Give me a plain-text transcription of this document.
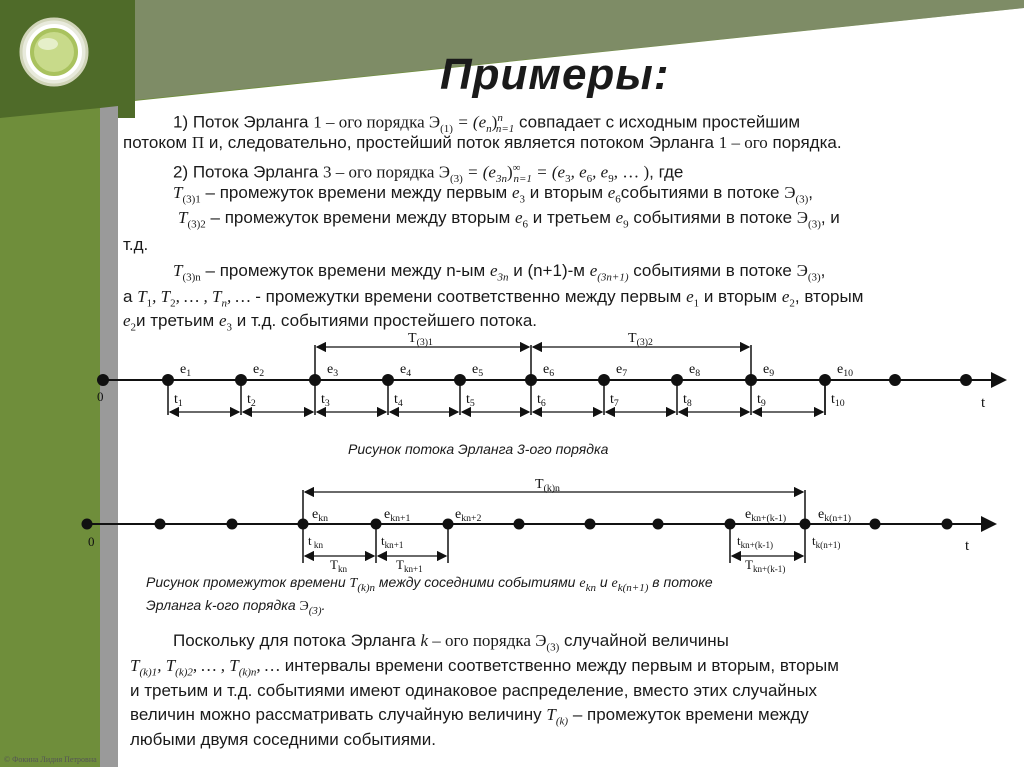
Примеры:
1) Поток Эрланга 1 – ого порядка $Э_{(1)} = (e_n)^n_{n=1}$ совпадает с исходным простейшим
потоком П и, следовательно, простейший поток является потоком Эрланга 1 – ого порядка.
2) Потока Эрланга 3 – ого порядка $Э_{(3)} = (e_{3n})^\infty_{n=1} = (e_3$, $e_6$, $e_9$, … ), где
$T_{(3)1}$ – промежуток времени между первым $e_3$ и вторым $e_6событиями$ в потоке $Э_{(3)}$,
$T_{(3)2}$ – промежуток времени между вторым $e_6$ и третьем $e_9$ событиями в потоке $Э_{(3)}$, и
т.д.
$T_{(3)n}$ – промежуток времени между n-ым $e_{3n}$ и (n+1)-м $e_{(3n+1)}$ событиями в потоке $Э_{(3)}$,
а $T_1$, $T_2$, … , $T_n$, … - промежутки времени соответственно между первым $e_1$ и вторым $e_2$, вторым
$e_2и$ третьим $e_3$ и т.д. событиями простейшего потока.
0	t
$e_1$	$e_2$	$e_3$	$e_4$	$e_5$	$e_6$	$e_7$	$e_8$	$e_9$	$e_{10}$
$t_1$	$t_2$	$t_3$	$t_4$	$t_5$	$t_6$	$t_7$	$t_8$	$t_9$	$t_{10}$
$T_{(3)1}$	$T_{(3)2}$
Рисунок потока Эрланга 3-ого порядка
0	t
$e_{kn}$	$e_{kn+1}$	$e_{kn+2}$	$e_{kn+(k-1)}$ $e_{k(n+1)}$
$T_{(k)n}$
t $_{kn}$	$t_{kn+1}$	$t_{kn+(k-1)}$	$t_{k(n+1)}$
$T_{kn}$	$T_{kn+1}$	$T_{kn+(k-1)}$
Рисунок промежуток времени $T_{(k)n}$ между соседними событиями $e_{kn}$ и $e_{k(n+1)}$ в потоке
Эрланга k-ого порядка $Э_{(3)}$.
Поскольку для потока Эрланга k – ого порядка $Э_{(3)}$ случайной величины
$T_{(k)1}$, $T_{(k)2}$, … , $T_{(k)n}$, … интервалы времени соответственно между первым и вторым, вторым
и третьим и т.д. событиями имеют одинаковое распределение, вместо этих случайных
величин можно рассматривать случайную величину $T_{(k)}$ – промежуток времени между
любыми двумя соседними событиями.
© Фокина Лидия Петровна
